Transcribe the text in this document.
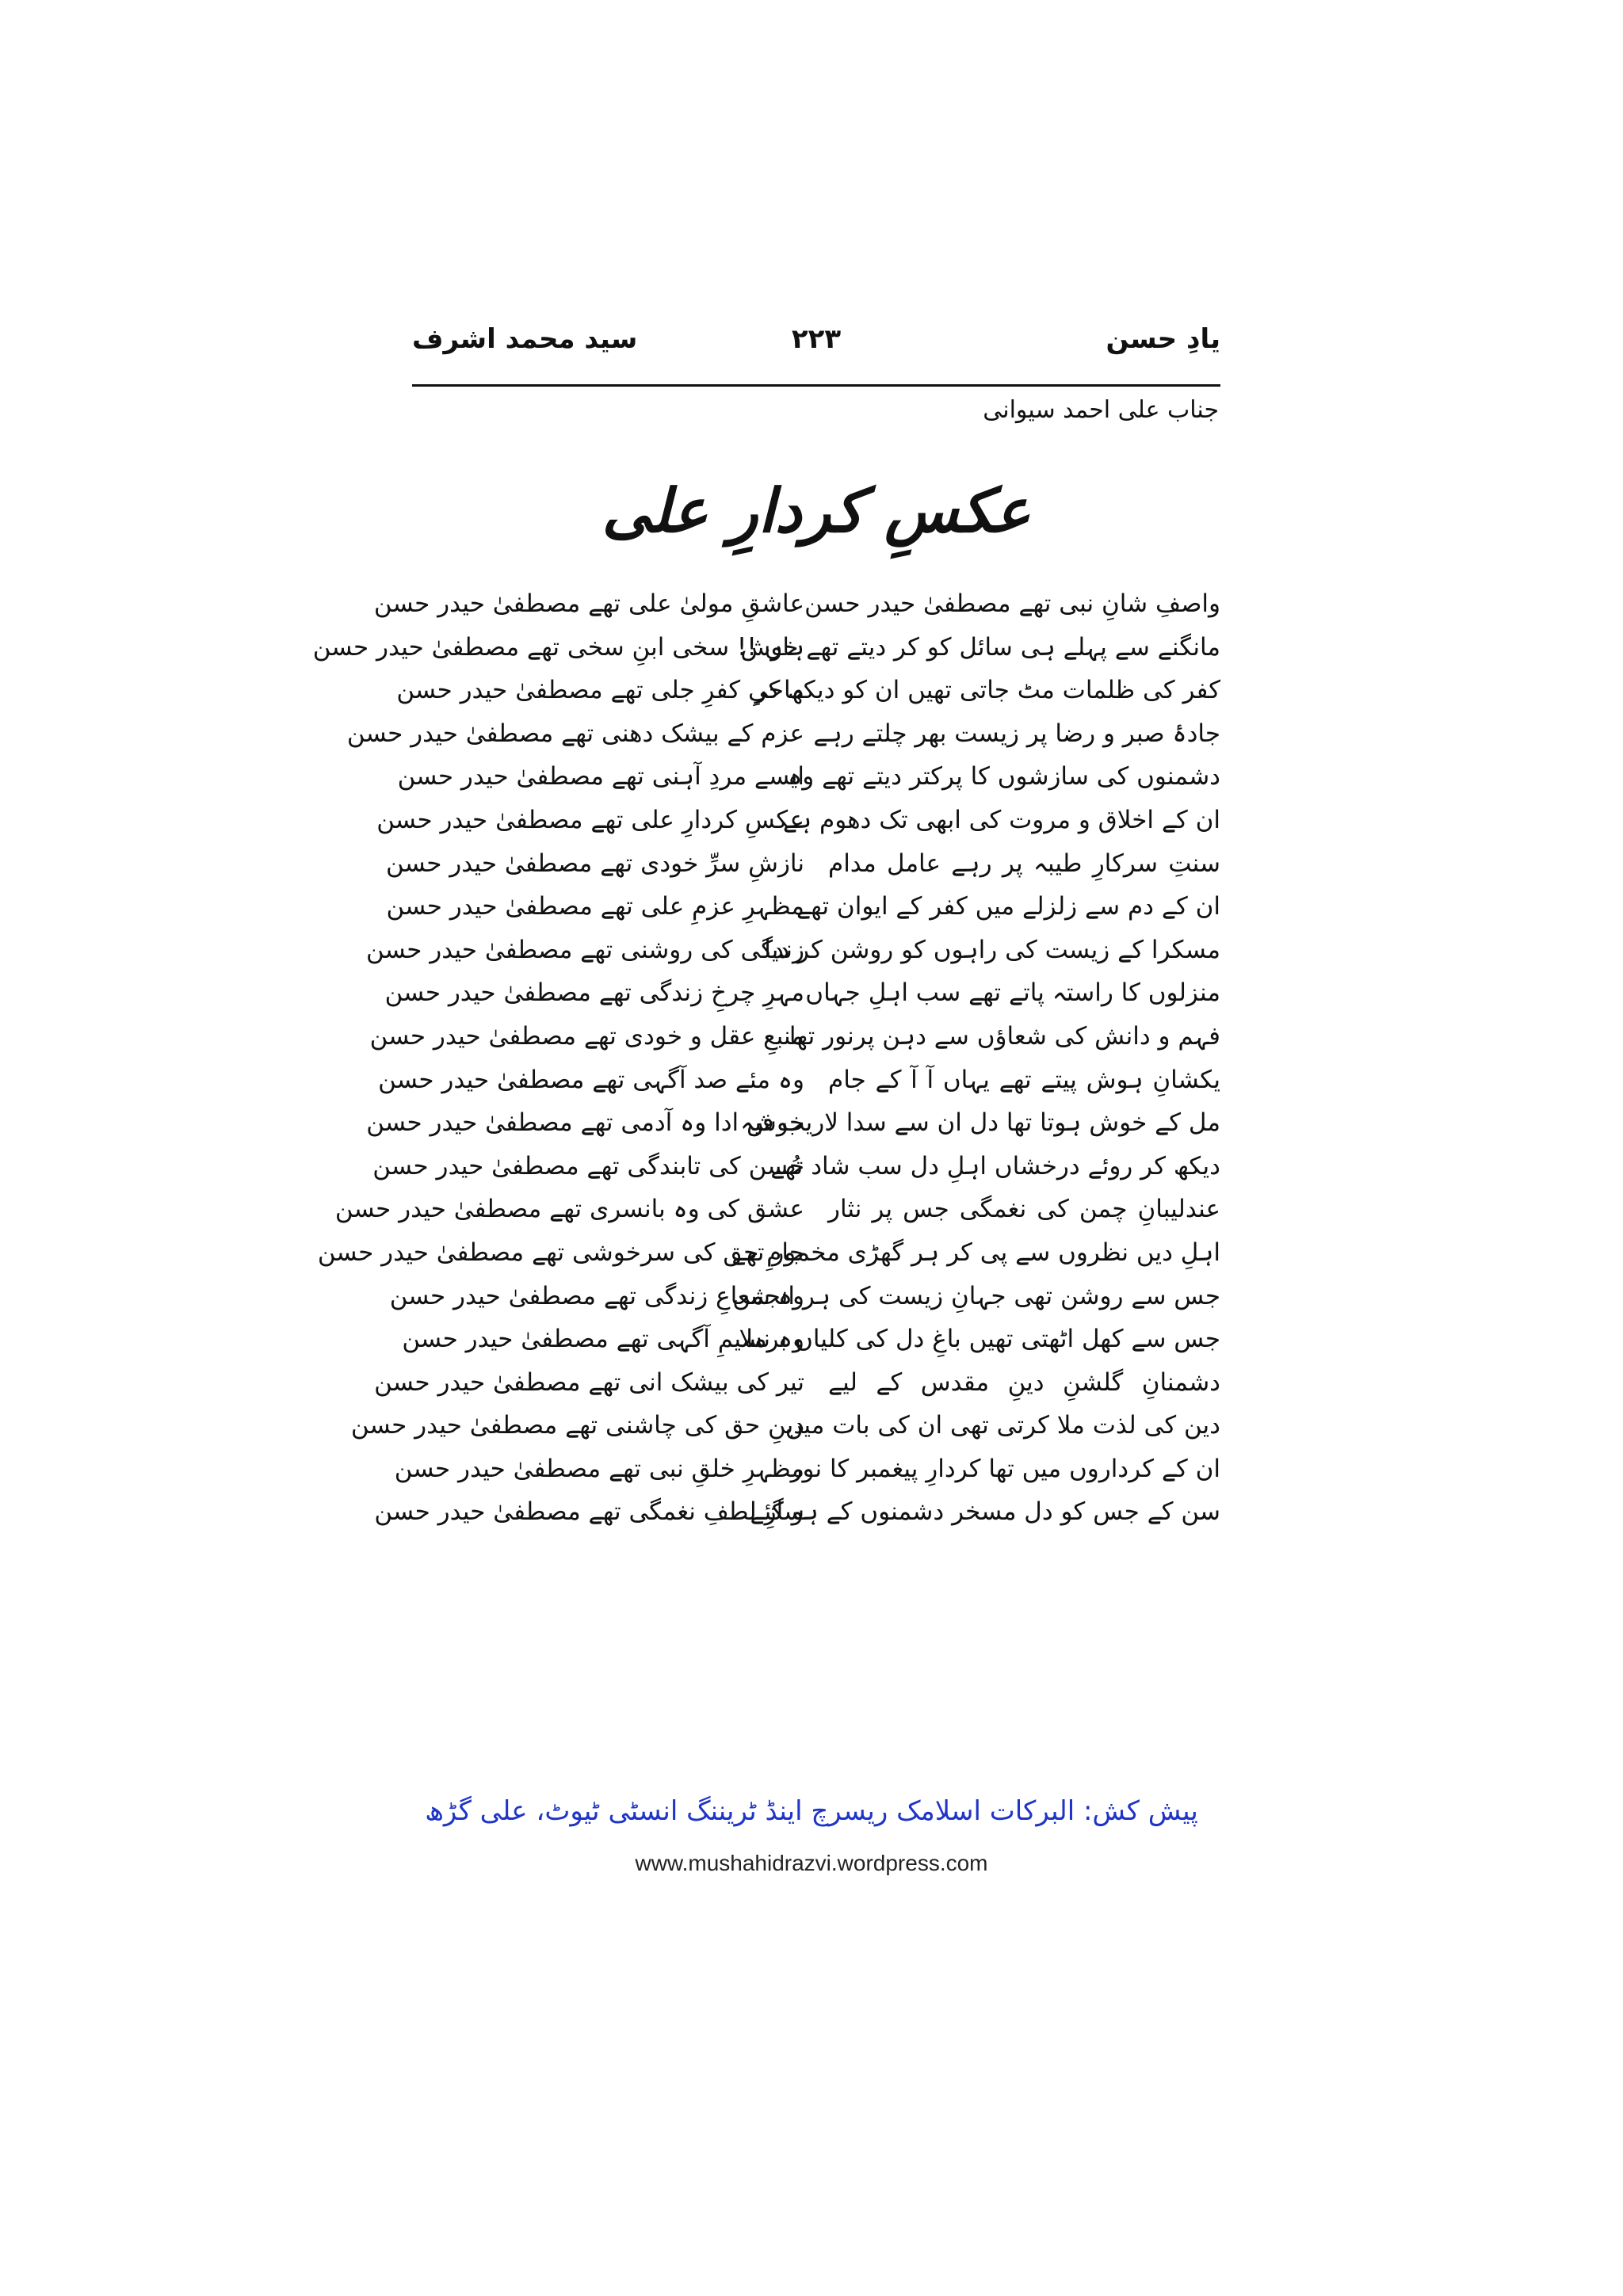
یادِ حسن
۲۲۳
سید محمد اشرف
جناب علی احمد سیوانی
عکسِ کردارِ علی
واصفِ شانِ نبی تھے مصطفیٰ حیدر حسن
مانگنے سے پہلے ہی سائل کو کر دیتے تھے خوش
کفر کی ظلمات مٹ جاتی تھیں ان کو دیکھ کر
جادۂ صبر و رضا پر زیست بھر چلتے رہے
دشمنوں کی سازشوں کا پرکتر دیتے تھے وہ
ان کے اخلاق و مروت کی ابھی تک دھوم ہے
سنتِ سرکارِ طیبہ پر رہے عامل مدام
ان کے دم سے زلزلے میں کفر کے ایوان تھے
مسکرا کے زیست کی راہوں کو روشن کر دیا
منزلوں کا راستہ پاتے تھے سب اہلِ جہاں
فہم و دانش کی شعاؤں سے دہن پرنور تھا
یکشانِ ہوش پیتے تھے یہاں آ آ کے جام
مل کے خوش ہوتا تھا دل ان سے سدا لاریب فیہ
دیکھ کر روئے درخشاں اہلِ دل سب شاد تھے
عندلیبانِ چمن کی نغمگی جس پر نثار
اہلِ دیں نظروں سے پی کر ہر گھڑی مخمور تھے
جس سے روشن تھی جہانِ زیست کی ہر انجمن
جس سے کھل اٹھتی تھیں باغِ دل کی کلیاں برملا
دشمنانِ گلشنِ دینِ مقدس کے لیے
دین کی لذت ملا کرتی تھی ان کی بات میں
ان کے کرداروں میں تھا کردارِ پیغمبر کا نور
سن کے جس کو دل مسخر دشمنوں کے ہو گئے
عاشقِ مولیٰ علی تھے مصطفیٰ حیدر حسن
ہاں !! سخی ابنِ سخی تھے مصطفیٰ حیدر حسن
ماحیِ کفرِ جلی تھے مصطفیٰ حیدر حسن
عزم کے بیشک دھنی تھے مصطفیٰ حیدر حسن
ایسے مردِ آہنی تھے مصطفیٰ حیدر حسن
عکسِ کردارِ علی تھے مصطفیٰ حیدر حسن
نازشِ سرِّ خودی تھے مصطفیٰ حیدر حسن
مظہرِ عزمِ علی تھے مصطفیٰ حیدر حسن
زندگی کی روشنی تھے مصطفیٰ حیدر حسن
مہرِ چرخِ زندگی تھے مصطفیٰ حیدر حسن
منبعِ عقل و خودی تھے مصطفیٰ حیدر حسن
وہ مئے صد آگہی تھے مصطفیٰ حیدر حسن
خوش ادا وہ آدمی تھے مصطفیٰ حیدر حسن
حُسن کی تابندگی تھے مصطفیٰ حیدر حسن
عشق کی وہ بانسری تھے مصطفیٰ حیدر حسن
جامِ حق کی سرخوشی تھے مصطفیٰ حیدر حسن
وہ شعاعِ زندگی تھے مصطفیٰ حیدر حسن
وہ نسیمِ آگہی تھے مصطفیٰ حیدر حسن
تیر کی بیشک انی تھے مصطفیٰ حیدر حسن
دینِ حق کی چاشنی تھے مصطفیٰ حیدر حسن
مظہرِ خلقِ نبی تھے مصطفیٰ حیدر حسن
سازِ لطفِ نغمگی تھے مصطفیٰ حیدر حسن
پیش کش: البرکات اسلامک ریسرچ اینڈ ٹریننگ انسٹی ٹیوٹ، علی گڑھ
www.mushahidrazvi.wordpress.com
